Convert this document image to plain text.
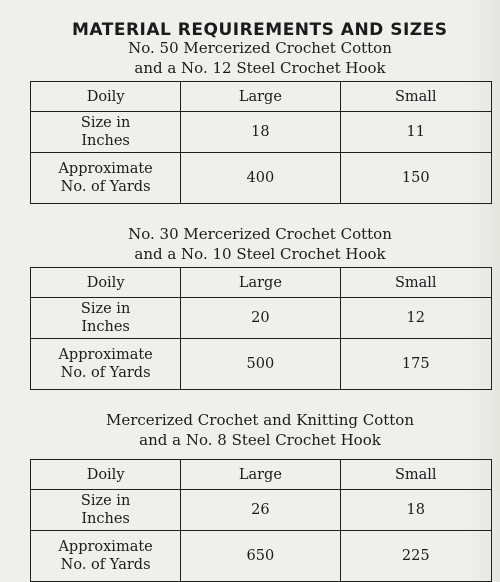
MATERIAL REQUIREMENTS AND SIZES
No. 50 Mercerized Crochet Cotton
and a No. 12 Steel Crochet Hook
Doily	Large	Small
Size in
Inches	18	11
Approximate
No. of Yards	400	150
No. 30 Mercerized Crochet Cotton
and a No. 10 Steel Crochet Hook
Doily	Large	Small
Size in
Inches	20	12
Approximate
No. of Yards	500	175
Mercerized Crochet and Knitting Cotton
and a No. 8 Steel Crochet Hook
Doily	Large	Small
Size in
Inches	26	18
Approximate
No. of Yards	650	225
